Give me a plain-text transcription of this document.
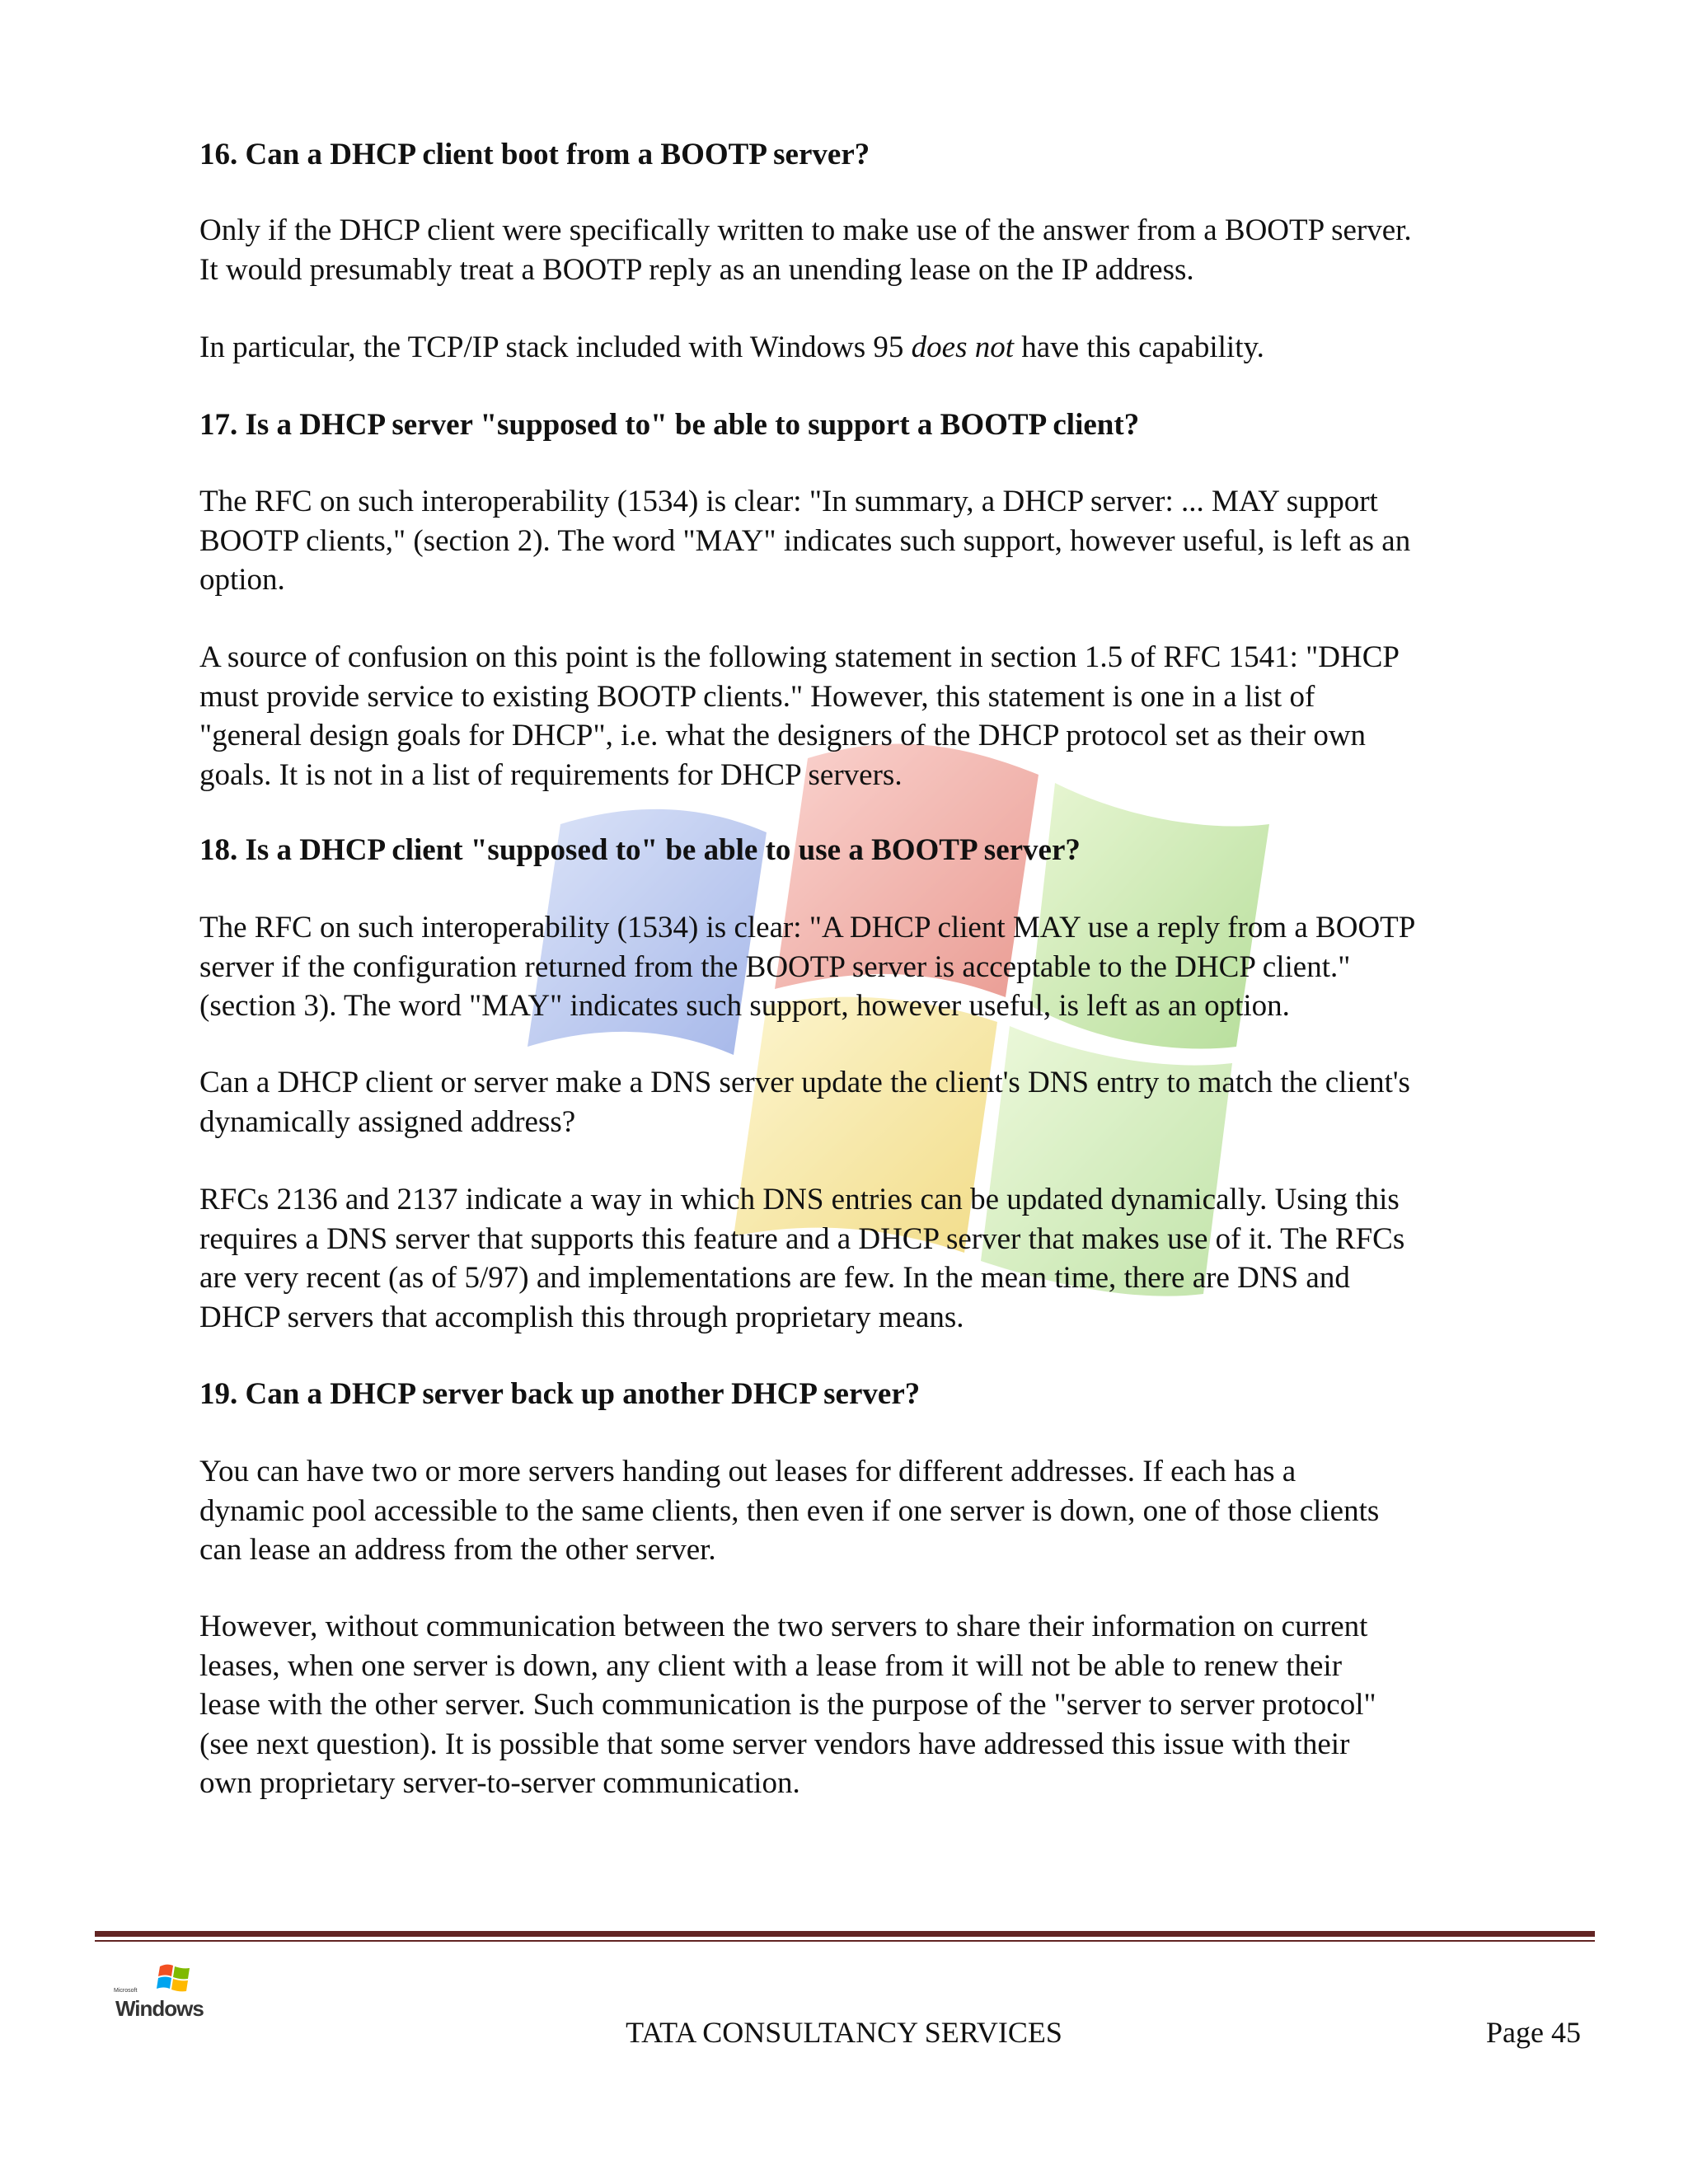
16. Can a DHCP client boot from a BOOTP server?
Only if the DHCP client were specifically written to make use of the answer from a BOOTP server.
It would presumably treat a BOOTP reply as an unending lease on the IP address.
In particular, the TCP/IP stack included with Windows 95 does not have this capability.
17. Is a DHCP server "supposed to" be able to support a BOOTP client?
The RFC on such interoperability (1534) is clear: "In summary, a DHCP server: ... MAY support
BOOTP clients," (section 2). The word "MAY" indicates such support, however useful, is left as an
option.
A source of confusion on this point is the following statement in section 1.5 of RFC 1541: "DHCP
must provide service to existing BOOTP clients." However, this statement is one in a list of
"general design goals for DHCP", i.e. what the designers of the DHCP protocol set as their own
goals. It is not in a list of requirements for DHCP servers.
18. Is a DHCP client "supposed to" be able to use a BOOTP server?
The RFC on such interoperability (1534) is clear: "A DHCP client MAY use a reply from a BOOTP
server if the configuration returned from the BOOTP server is acceptable to the DHCP client."
(section 3). The word "MAY" indicates such support, however useful, is left as an option.
Can a DHCP client or server make a DNS server update the client's DNS entry to match the client's
dynamically assigned address?
RFCs 2136 and 2137 indicate a way in which DNS entries can be updated dynamically. Using this
requires a DNS server that supports this feature and a DHCP server that makes use of it. The RFCs
are very recent (as of 5/97) and implementations are few. In the mean time, there are DNS and
DHCP servers that accomplish this through proprietary means.
19. Can a DHCP server back up another DHCP server?
You can have two or more servers handing out leases for different addresses. If each has a
dynamic pool accessible to the same clients, then even if one server is down, one of those clients
can lease an address from the other server.
However, without communication between the two servers to share their information on current
leases, when one server is down, any client with a lease from it will not be able to renew their
lease with the other server. Such communication is the purpose of the "server to server protocol"
(see next question). It is possible that some server vendors have addressed this issue with their
own proprietary server-to-server communication.
Microsoft
Windows
TATA CONSULTANCY SERVICES	Page 45
